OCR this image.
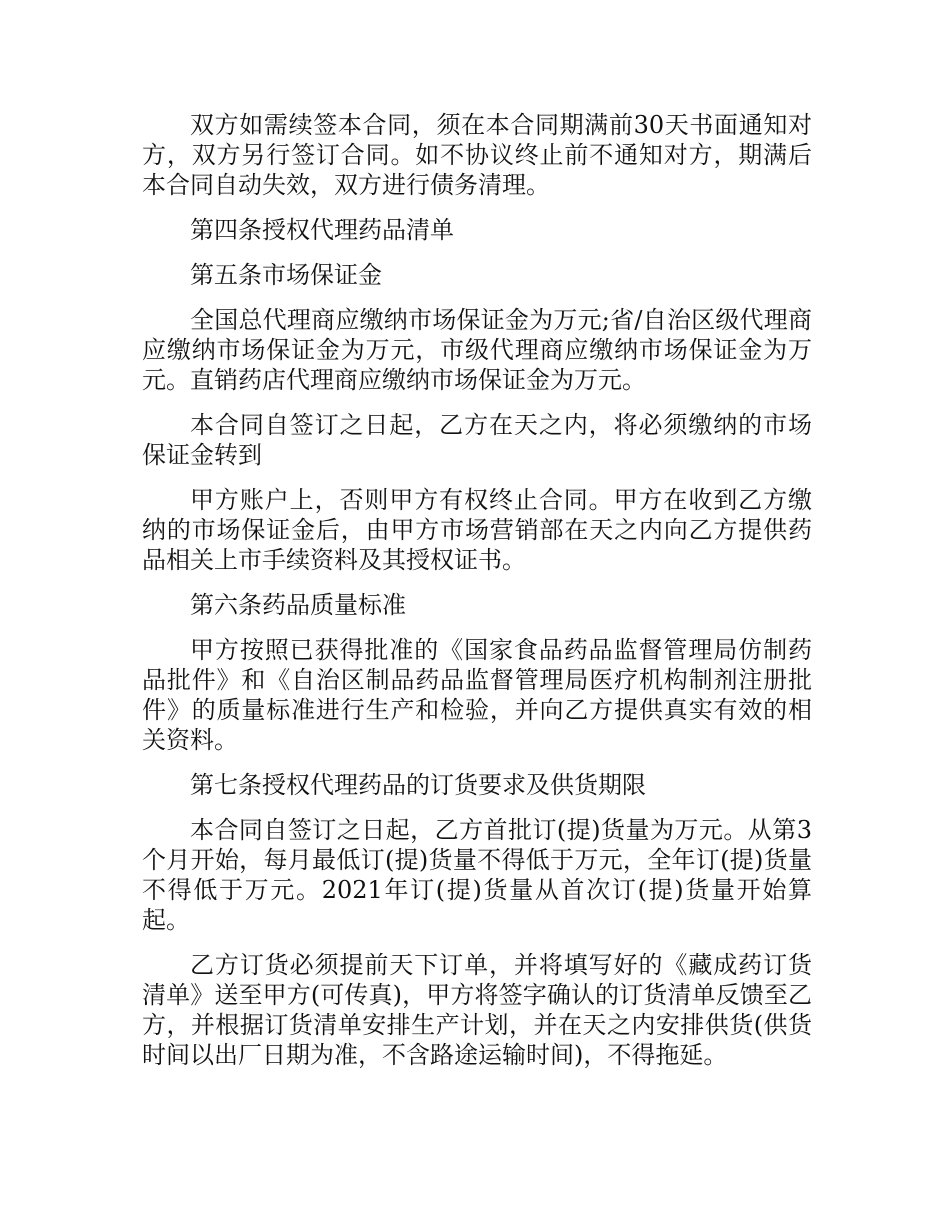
双方如需续签本合同，须在本合同期满前30天书面通知对方，双方另行签订合同。如不协议终止前不通知对方，期满后本合同自动失效，双方进行债务清理。

第四条授权代理药品清单

第五条市场保证金

全国总代理商应缴纳市场保证金为万元;省/自治区级代理商应缴纳市场保证金为万元，市级代理商应缴纳市场保证金为万元。直销药店代理商应缴纳市场保证金为万元。

本合同自签订之日起，乙方在天之内，将必须缴纳的市场保证金转到

甲方账户上，否则甲方有权终止合同。甲方在收到乙方缴纳的市场保证金后，由甲方市场营销部在天之内向乙方提供药品相关上市手续资料及其授权证书。

第六条药品质量标准

甲方按照已获得批准的《国家食品药品监督管理局仿制药品批件》和《自治区制品药品监督管理局医疗机构制剂注册批件》的质量标准进行生产和检验，并向乙方提供真实有效的相关资料。

第七条授权代理药品的订货要求及供货期限

本合同自签订之日起，乙方首批订(提)货量为万元。从第3个月开始，每月最低订(提)货量不得低于万元，全年订(提)货量不得低于万元。2021年订(提)货量从首次订(提)货量开始算起。

乙方订货必须提前天下订单，并将填写好的《藏成药订货清单》送至甲方(可传真)，甲方将签字确认的订货清单反馈至乙方，并根据订货清单安排生产计划，并在天之内安排供货(供货时间以出厂日期为准，不含路途运输时间)，不得拖延。
